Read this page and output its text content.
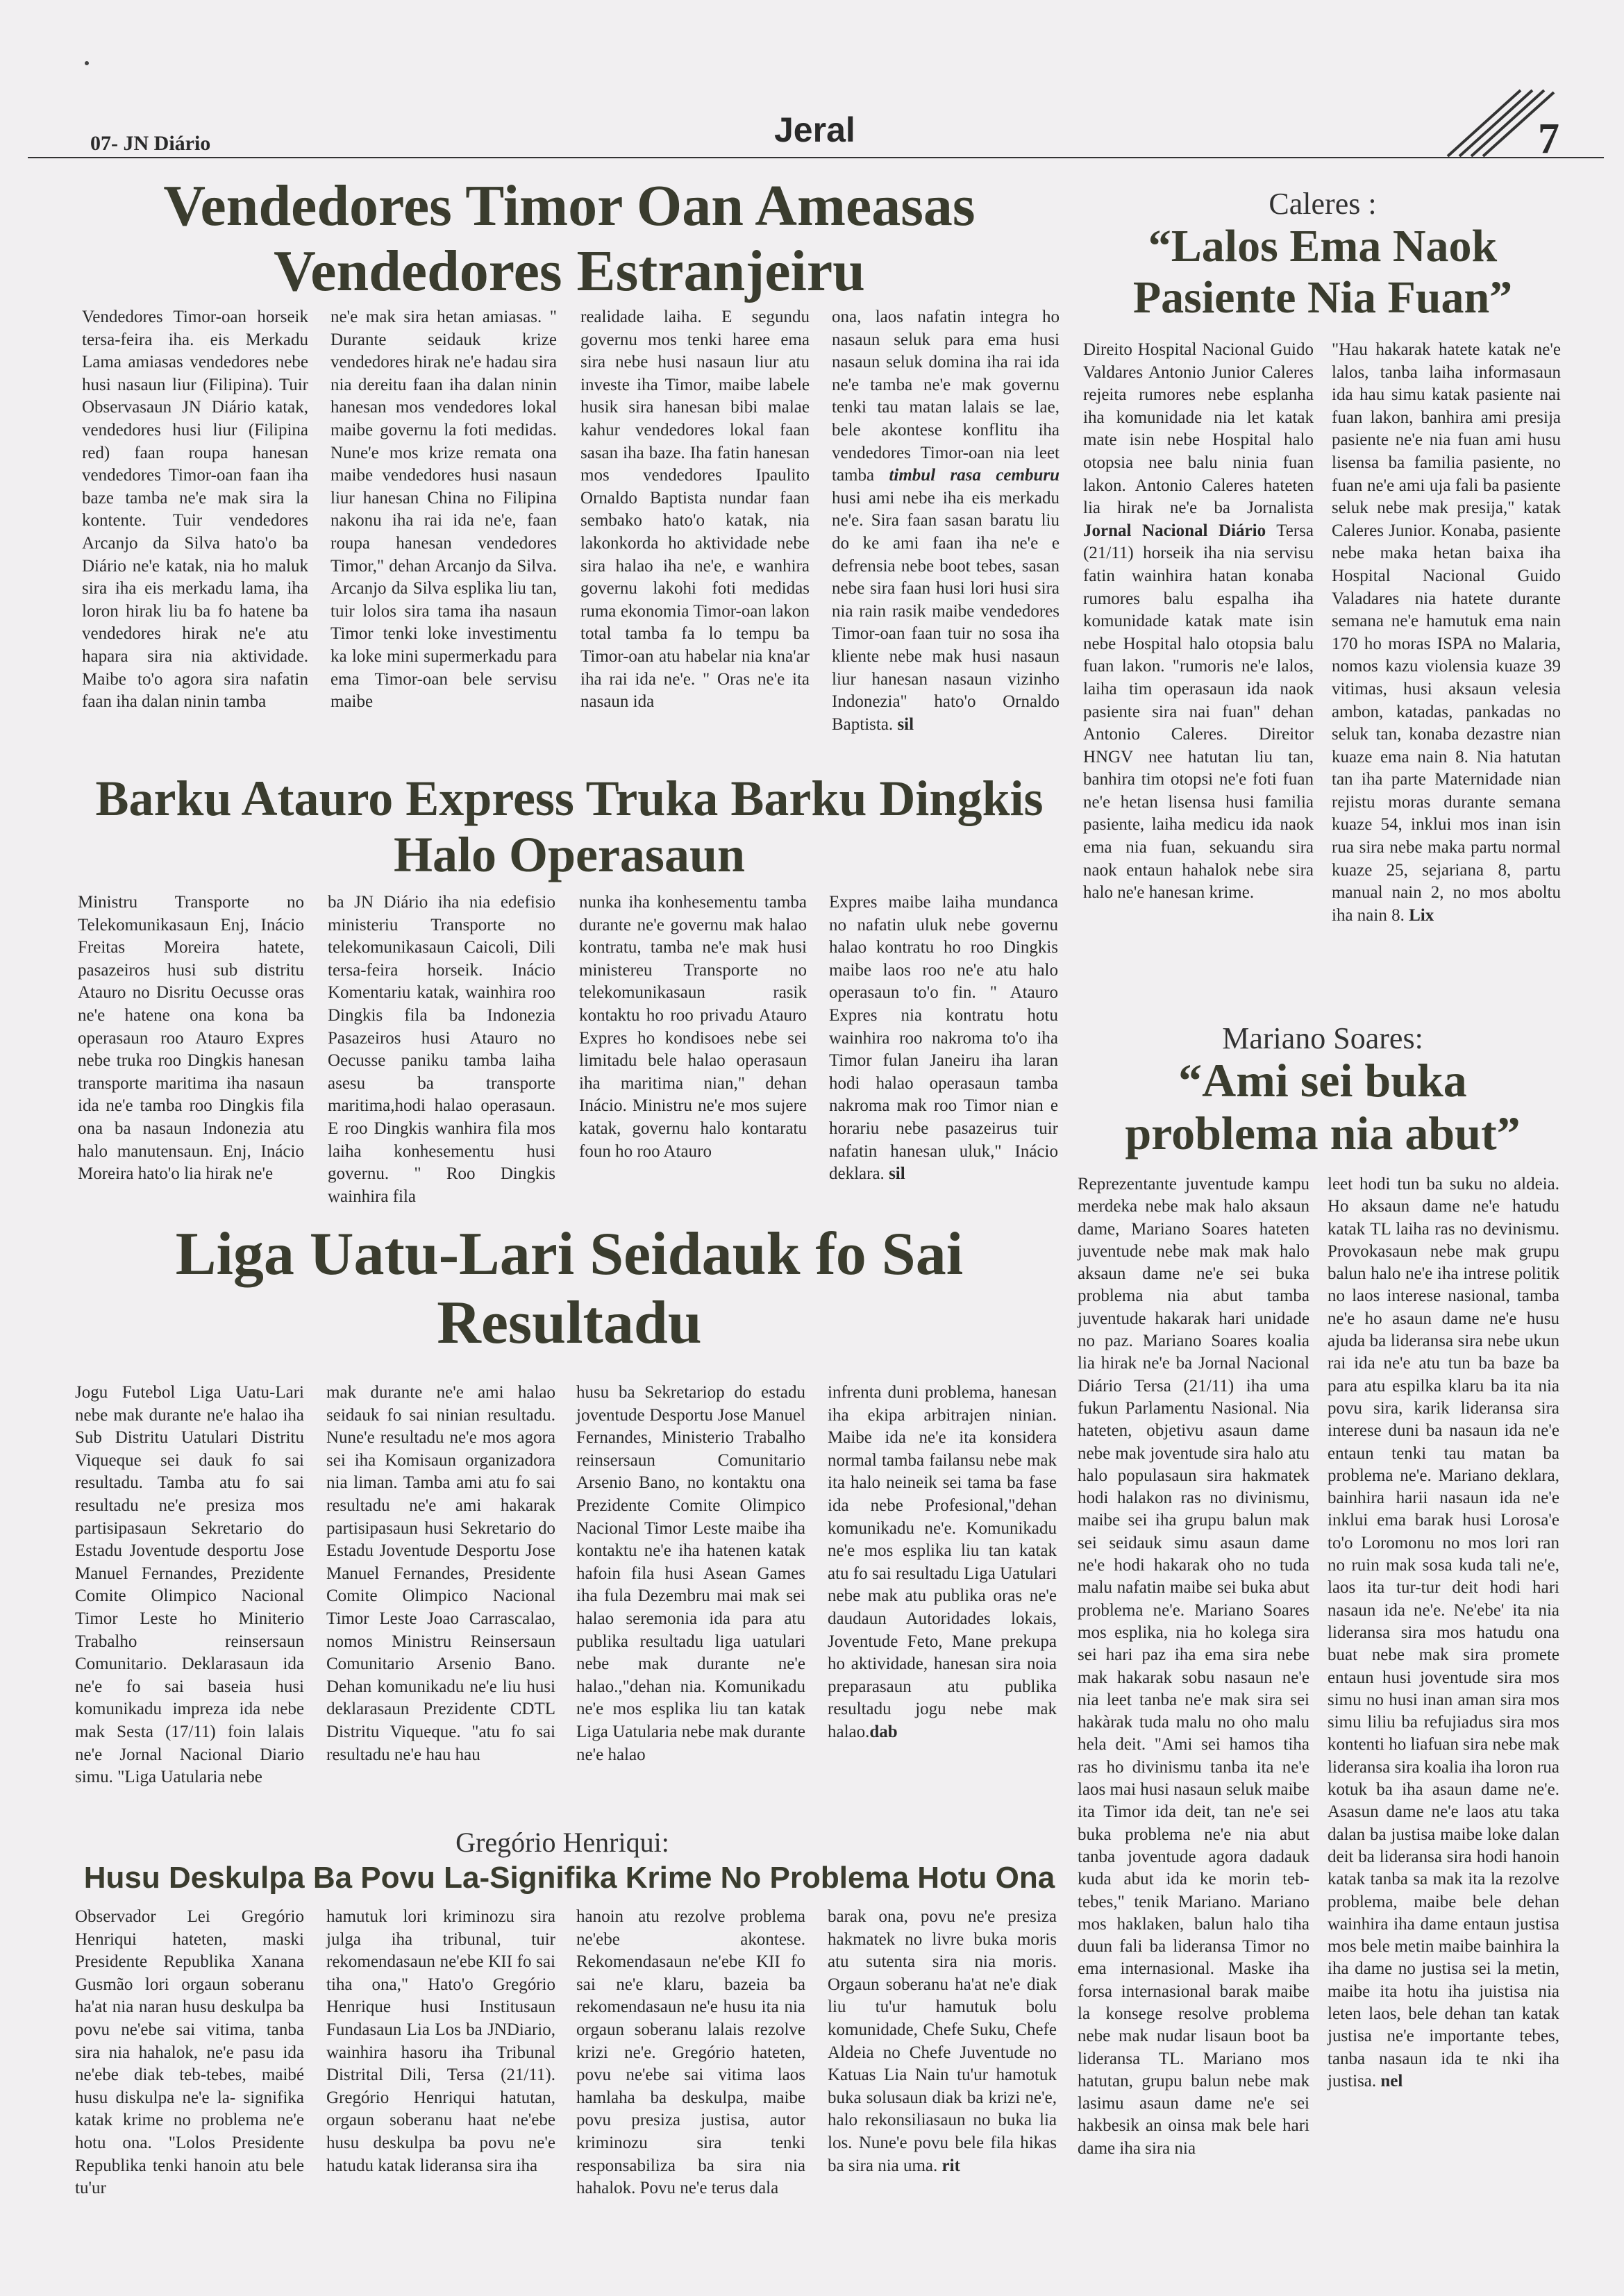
07- JN Diário	Jeral	7
Vendedores Timor Oan Ameasas
Vendedores Estranjeiru
Vendedores Timor-oan horseik tersa-feira iha. eis Merkadu Lama amiasas vendedores nebe husi nasaun liur (Filipina). Tuir Observasaun JN Diário katak, vendedores husi liur (Filipina red) faan roupa hanesan vendedores Timor-oan faan iha baze tamba ne'e mak sira la kontente. Tuir vendedores Arcanjo da Silva hato'o ba Diário ne'e katak, nia ho maluk sira iha eis merkadu lama, iha loron hirak liu ba fo hatene ba vendedores hirak ne'e atu hapara sira nia aktividade. Maibe to'o agora sira nafatin faan iha dalan ninin tamba
ne'e mak sira hetan amiasas. " Durante seidauk krize vendedores hirak ne'e hadau sira nia dereitu faan iha dalan ninin hanesan mos vendedores lokal maibe governu la foti medidas. Nune'e mos krize remata ona maibe vendedores husi nasaun liur hanesan China no Filipina nakonu iha rai ida ne'e, faan roupa hanesan vendedores Timor," dehan Arcanjo da Silva. Arcanjo da Silva esplika liu tan, tuir lolos sira tama iha nasaun Timor tenki loke investimentu ka loke mini supermerkadu para ema Timor-oan bele servisu maibe
realidade laiha. E segundu governu mos tenki haree ema sira nebe husi nasaun liur atu investe iha Timor, maibe labele husik sira hanesan bibi malae kahur vendedores lokal faan sasan iha baze. Iha fatin hanesan mos vendedores Ipaulito Ornaldo Baptista nundar faan sembako hato'o katak, nia lakonkorda ho aktividade nebe sira halao iha ne'e, e wanhira governu lakohi foti medidas ruma ekonomia Timor-oan lakon total tamba fa lo tempu ba Timor-oan atu habelar nia kna'ar iha rai ida ne'e. " Oras ne'e ita nasaun ida
ona, laos nafatin integra ho nasaun seluk para ema husi nasaun seluk domina iha rai ida ne'e tamba ne'e mak governu tenki tau matan lalais se lae, bele akontese konflitu iha vendedores Timor-oan nia leet tamba timbul rasa cemburu husi ami nebe iha eis merkadu ne'e. Sira faan sasan baratu liu do ke ami faan iha ne'e e defrensia nebe boot tebes, sasan nebe sira faan husi lori husi sira nia rain rasik maibe vendedores Timor-oan faan tuir no sosa iha kliente nebe mak husi nasaun liur hanesan nasaun vizinho Indonezia" hato'o Ornaldo Baptista. sil
Barku Atauro Express Truka Barku Dingkis
Halo Operasaun
Ministru Transporte no Telekomunikasaun Enj, Inácio Freitas Moreira hatete, pasazeiros husi sub distritu Atauro no Disritu Oecusse oras ne'e hatene ona kona ba operasaun roo Atauro Expres nebe truka roo Dingkis hanesan transporte maritima iha nasaun ida ne'e tamba roo Dingkis fila ona ba nasaun Indonezia atu halo manutensaun. Enj, Inácio Moreira hato'o lia hirak ne'e
ba JN Diário iha nia edefisio ministeriu Transporte no telekomunikasaun Caicoli, Dili tersa-feira horseik. Inácio Komentariu katak, wainhira roo Dingkis fila ba Indonezia Pasazeiros husi Atauro no Oecusse paniku tamba laiha asesu ba transporte maritima,hodi halao operasaun. E roo Dingkis wanhira fila mos laiha konhesementu husi governu. " Roo Dingkis wainhira fila
nunka iha konhesementu tamba durante ne'e governu mak halao kontratu, tamba ne'e mak husi ministereu Transporte no telekomunikasaun rasik kontaktu ho roo privadu Atauro Expres ho kondisoes nebe sei limitadu bele halao operasaun iha maritima nian," dehan Inácio. Ministru ne'e mos sujere katak, governu halo kontaratu foun ho roo Atauro
Expres maibe laiha mundanca no nafatin uluk nebe governu halao kontratu ho roo Dingkis maibe laos roo ne'e atu halo operasaun to'o fin. " Atauro Expres nia kontratu hotu wainhira roo nakroma to'o iha Timor fulan Janeiru iha laran hodi halao operasaun tamba nakroma mak roo Timor nian e horariu nebe pasazeirus tuir nafatin hanesan uluk," Inácio deklara. sil
Liga Uatu-Lari Seidauk fo Sai
Resultadu
Jogu Futebol Liga Uatu-Lari nebe mak durante ne'e halao iha Sub Distritu Uatulari Distritu Viqueque sei dauk fo sai resultadu. Tamba atu fo sai resultadu ne'e presiza mos partisipasaun Sekretario do Estadu Joventude desportu Jose Manuel Fernandes, Prezidente Comite Olimpico Nacional Timor Leste ho Miniterio Trabalho reinsersaun Comunitario. Deklarasaun ida ne'e fo sai baseia husi komunikadu impreza ida nebe mak Sesta (17/11) foin lalais ne'e Jornal Nacional Diario simu. "Liga Uatularia nebe
mak durante ne'e ami halao seidauk fo sai ninian resultadu. Nune'e resultadu ne'e mos agora sei iha Komisaun organizadora nia liman. Tamba ami atu fo sai resultadu ne'e ami hakarak partisipasaun husi Sekretario do Estadu Joventude Desportu Jose Manuel Fernandes, Presidente Comite Olimpico Nacional Timor Leste Joao Carrascalao, nomos Ministru Reinsersaun Comunitario Arsenio Bano. Dehan komunikadu ne'e liu husi deklarasaun Prezidente CDTL Distritu Viqueque. "atu fo sai resultadu ne'e hau hau
husu ba Sekretariop do estadu joventude Desportu Jose Manuel Fernandes, Ministerio Trabalho reinsersaun Comunitario Arsenio Bano, no kontaktu ona Prezidente Comite Olimpico Nacional Timor Leste maibe iha kontaktu ne'e iha hatenen katak hafoin fila husi Asean Games iha fula Dezembru mai mak sei halao seremonia ida para atu publika resultadu liga uatulari nebe mak durante ne'e halao.,"dehan nia. Komunikadu ne'e mos esplika liu tan katak Liga Uatularia nebe mak durante ne'e halao
infrenta duni problema, hanesan iha ekipa arbitrajen ninian. Maibe ida ne'e ita konsidera normal tamba failansu nebe mak ita halo neineik sei tama ba fase ida nebe Profesional,"dehan komunikadu ne'e. Komunikadu ne'e mos esplika liu tan katak atu fo sai resultadu Liga Uatulari nebe mak atu publika oras ne'e daudaun Autoridades lokais, Joventude Feto, Mane prekupa ho aktividade, hanesan sira noia preparasaun atu publika resultadu jogu nebe mak halao.dab
Gregório Henriqui:
Husu Deskulpa Ba Povu La-Signifika Krime No Problema Hotu Ona
Observador Lei Gregório Henriqui hateten, maski Presidente Republika Xanana Gusmão lori orgaun soberanu ha'at nia naran husu deskulpa ba povu ne'ebe sai vitima, tanba sira nia hahalok, ne'e pasu ida ne'ebe diak teb-tebes, maibé husu diskulpa ne'e la- signifika katak krime no problema ne'e hotu ona. "Lolos Presidente Republika tenki hanoin atu bele tu'ur
hamutuk lori kriminozu sira julga iha tribunal, tuir rekomendasaun ne'ebe KII fo sai tiha ona," Hato'o Gregório Henrique husi Institusaun Fundasaun Lia Los ba JNDiario, wainhira hasoru iha Tribunal Distrital Dili, Tersa (21/11). Gregório Henriqui hatutan, orgaun soberanu haat ne'ebe husu deskulpa ba povu ne'e hatudu katak lideransa sira iha
hanoin atu rezolve problema ne'ebe akontese. Rekomendasaun ne'ebe KII fo sai ne'e klaru, bazeia ba rekomendasaun ne'e husu ita nia orgaun soberanu lalais rezolve krizi ne'e. Gregório hateten, povu ne'ebe sai vitima laos hamlaha ba deskulpa, maibe povu presiza justisa, autor kriminozu sira tenki responsabiliza ba sira nia hahalok. Povu ne'e terus dala
barak ona, povu ne'e presiza hakmatek no livre buka moris atu sutenta sira nia moris. Orgaun soberanu ha'at ne'e diak liu tu'ur hamutuk bolu komunidade, Chefe Suku, Chefe Aldeia no Chefe Juventude no Katuas Lia Nain tu'ur hamotuk buka solusaun diak ba krizi ne'e, halo rekonsiliasaun no buka lia los. Nune'e povu bele fila hikas ba sira nia uma. rit
Caleres :
“Lalos Ema Naok
Pasiente Nia Fuan”
Direito Hospital Nacional Guido Valdares Antonio Junior Caleres rejeita rumores nebe esplanha iha komunidade nia let katak mate isin nebe Hospital halo otopsia nee balu ninia fuan lakon. Antonio Caleres hateten lia hirak ne'e ba Jornalista Jornal Nacional Diário Tersa (21/11) horseik iha nia servisu fatin wainhira hatan konaba rumores balu espalha iha komunidade katak mate isin nebe Hospital halo otopsia balu fuan lakon. "rumoris ne'e lalos, laiha tim operasaun ida naok pasiente sira nai fuan" dehan Antonio Caleres. Direitor HNGV nee hatutan liu tan, banhira tim otopsi ne'e foti fuan ne'e hetan lisensa husi familia pasiente, laiha medicu ida naok ema nia fuan, sekuandu sira naok entaun hahalok nebe sira halo ne'e hanesan krime.
"Hau hakarak hatete katak ne'e lalos, tanba laiha informasaun ida hau simu katak pasiente nai fuan lakon, banhira ami presija pasiente ne'e nia fuan ami husu lisensa ba familia pasiente, no fuan ne'e ami uja fali ba pasiente seluk nebe mak presija," katak Caleres Junior. Konaba, pasiente nebe maka hetan baixa iha Hospital Nacional Guido Valadares nia hatete durante semana ne'e hamutuk ema nain 170 ho moras ISPA no Malaria, nomos kazu violensia kuaze 39 vitimas, husi aksaun velesia ambon, katadas, pankadas no seluk tan, konaba dezastre nian kuaze ema nain 8. Nia hatutan tan iha parte Maternidade nian rejistu moras durante semana kuaze 54, inklui mos inan isin rua sira nebe maka partu normal kuaze 25, sejariana 8, partu manual nain 2, no mos aboltu iha nain 8. Lix
Mariano Soares:
“Ami sei buka
problema nia abut”
Reprezentante juventude kampu merdeka nebe mak halo aksaun dame, Mariano Soares hateten juventude nebe mak mak halo aksaun dame ne'e sei buka problema nia abut tamba juventude hakarak hari unidade no paz. Mariano Soares koalia lia hirak ne'e ba Jornal Nacional Diário Tersa (21/11) iha uma fukun Parlamentu Nasional. Nia hateten, objetivu asaun dame nebe mak joventude sira halo atu halo populasaun sira hakmatek hodi halakon ras no divinismu, maibe sei iha grupu balun mak sei seidauk simu asaun dame ne'e hodi hakarak oho no tuda malu nafatin maibe sei buka abut problema ne'e. Mariano Soares mos esplika, nia ho kolega sira sei hari paz iha ema sira nebe mak hakarak sobu nasaun ne'e nia leet tanba ne'e mak sira sei hakàrak tuda malu no oho malu hela deit. "Ami sei hamos tiha ras ho divinismu tanba ita ne'e laos mai husi nasaun seluk maibe ita Timor ida deit, tan ne'e sei buka problema ne'e nia abut tanba joventude agora dadauk kuda abut ida ke morin teb-tebes," tenik Mariano. Mariano mos haklaken, balun halo tiha duun fali ba lideransa Timor no ema internasional. Maske iha forsa internasional barak maibe la konsege resolve problema nebe mak nudar lisaun boot ba lideransa TL. Mariano mos hatutan, grupu balun nebe mak lasimu asaun dame ne'e sei hakbesik an oinsa mak bele hari dame iha sira nia
leet hodi tun ba suku no aldeia. Ho aksaun dame ne'e hatudu katak TL laiha ras no devinismu. Provokasaun nebe mak grupu balun halo ne'e iha intrese politik no laos interese nasional, tamba ne'e ho asaun dame ne'e husu ajuda ba lideransa sira nebe ukun rai ida ne'e atu tun ba baze ba para atu espilka klaru ba ita nia povu sira, karik lideransa sira interese duni ba nasaun ida ne'e entaun tenki tau matan ba problema ne'e. Mariano deklara, bainhira harii nasaun ida ne'e inklui ema barak husi Lorosa'e to'o Loromonu no mos lori ran no ruin mak sosa kuda tali ne'e, laos ita tur-tur deit hodi hari nasaun ida ne'e. Ne'ebe' ita nia lideransa sira mos hatudu ona buat nebe mak sira promete entaun husi joventude sira mos simu no husi inan aman sira mos simu liliu ba refujiadus sira mos kontenti ho liafuan sira nebe mak lideransa sira koalia iha loron rua kotuk ba iha asaun dame ne'e. Asasun dame ne'e laos atu taka dalan ba justisa maibe loke dalan deit ba lideransa sira hodi hanoin katak tanba sa mak ita la rezolve problema, maibe bele dehan wainhira iha dame entaun justisa mos bele metin maibe bainhira la iha dame no justisa sei la metin, maibe ita hotu iha juistisa nia leten laos, bele dehan tan katak justisa ne'e importante tebes, tanba nasaun ida te nki iha justisa. nel
